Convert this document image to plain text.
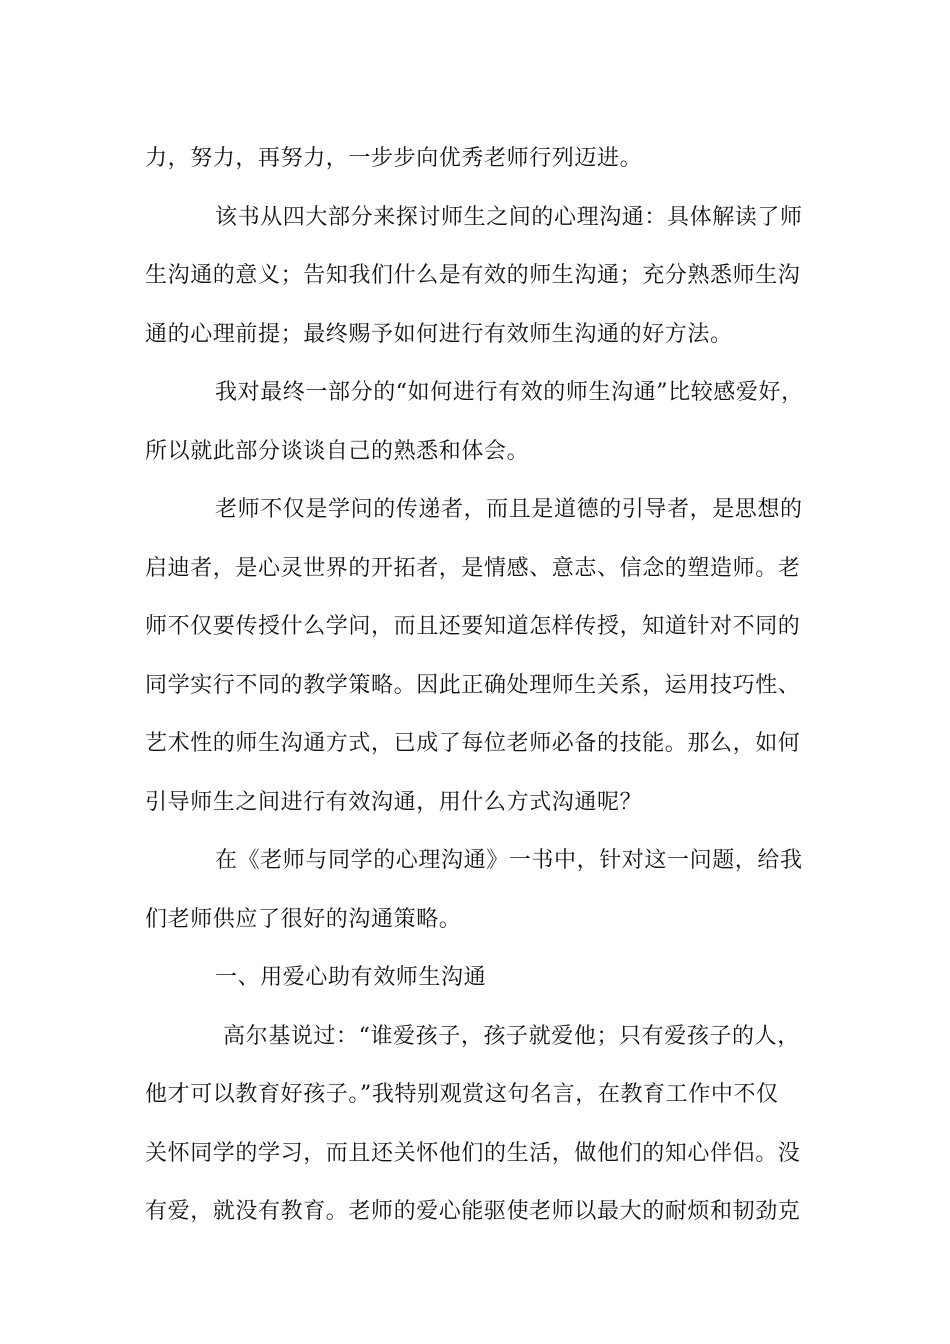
力，努力，再努力，一步步向优秀老师行列迈进。
该书从四大部分来探讨师生之间的心理沟通：具体解读了师
生沟通的意义；告知我们什么是有效的师生沟通；充分熟悉师生沟
通的心理前提；最终赐予如何进行有效师生沟通的好方法。
我对最终一部分的“如何进行有效的师生沟通”比较感爱好，
所以就此部分谈谈自己的熟悉和体会。
老师不仅是学问的传递者，而且是道德的引导者，是思想的
启迪者，是心灵世界的开拓者，是情感、意志、信念的塑造师。老
师不仅要传授什么学问，而且还要知道怎样传授，知道针对不同的
同学实行不同的教学策略。因此正确处理师生关系，运用技巧性、
艺术性的师生沟通方式，已成了每位老师必备的技能。那么，如何
引导师生之间进行有效沟通，用什么方式沟通呢？
在《老师与同学的心理沟通》一书中，针对这一问题，给我
们老师供应了很好的沟通策略。
一、用爱心助有效师生沟通
高尔基说过：“谁爱孩子，孩子就爱他；只有爱孩子的人，
他才可以教育好孩子。”我特别观赏这句名言，在教育工作中不仅
关怀同学的学习，而且还关怀他们的生活，做他们的知心伴侣。没
有爱，就没有教育。老师的爱心能驱使老师以最大的耐烦和韧劲克
